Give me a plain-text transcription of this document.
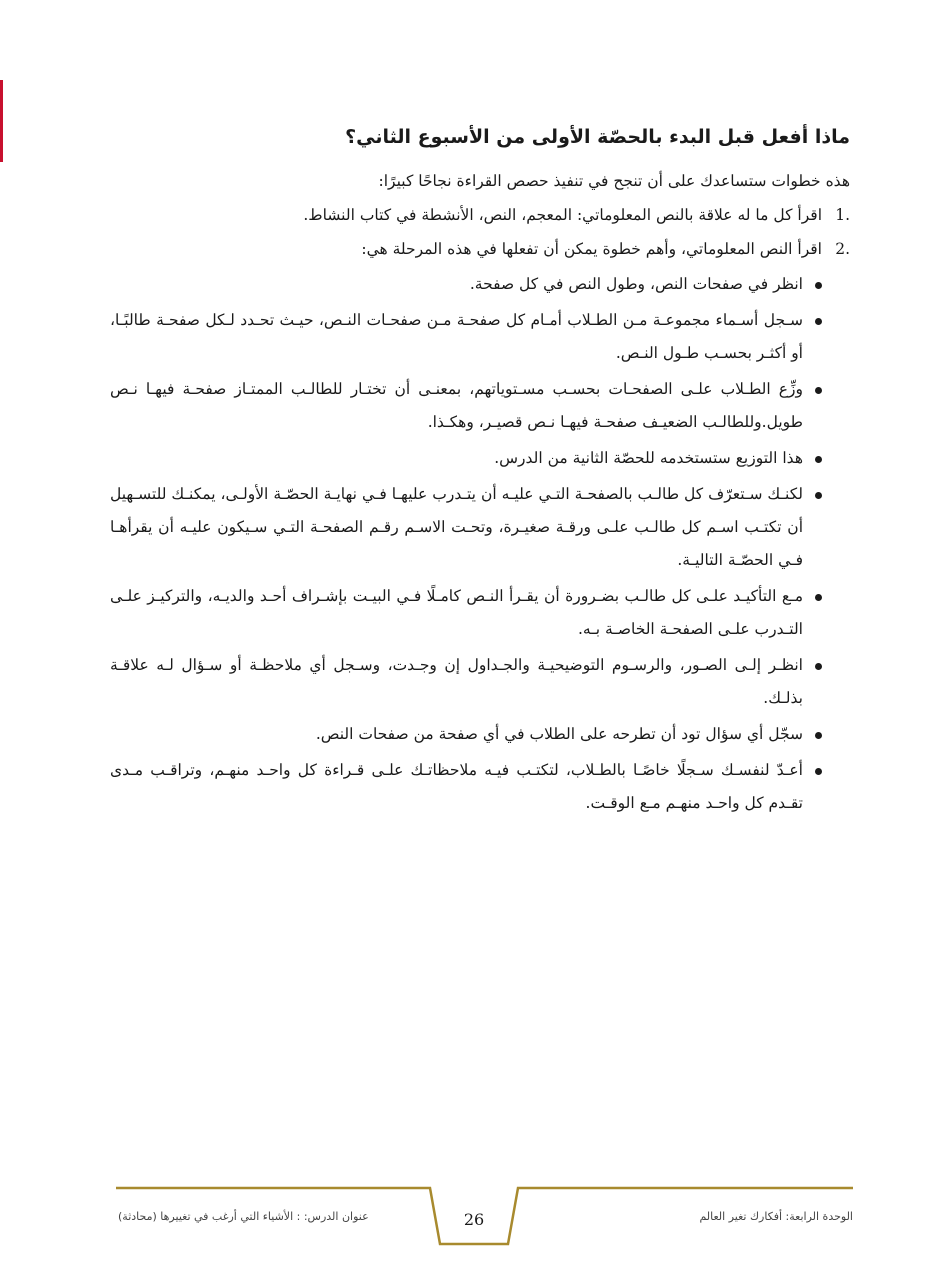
ماذا أفعل قبل البدء بالحصّة الأولى من الأسبوع الثاني؟

هذه خطوات ستساعدك على أن تنجح في تنفيذ حصص القراءة نجاحًا كبيرًا:

.1
اقرأ كل ما له علاقة بالنص المعلوماتي: المعجم، النص، الأنشطة في كتاب النشاط.
.2
اقرأ النص المعلوماتي، وأهم خطوة يمكن أن تفعلها في هذه المرحلة هي:
انظر في صفحات النص، وطول النص في كل صفحة.
سـجل أسـماء مجموعـة مـن الطـلاب أمـام كل صفحـة مـن صفحـات النـص، حيـث تحـدد لـكل صفحـة طالبًـا، أو أكثـر بحسـب طـول النـص.
وزِّع الطـلاب علـى الصفحـات بحسـب مسـتوياتهم، بمعنـى أن تختـار للطالـب الممتـاز صفحـة فيهـا نـص طويل.وللطالـب الضعيـف صفحـة فيهـا نـص قصيـر، وهكـذا.
هذا التوزيع ستستخدمه للحصّة الثانية من الدرس.
لكنـك سـتعرّف كل طالـب بالصفحـة التـي عليـه أن يتـدرب عليهـا فـي نهايـة الحصّـة الأولـى، يمكنـك للتسـهيل أن تكتـب اسـم كل طالـب علـى ورقـة صغيـرة، وتحـت الاسـم رقـم الصفحـة التـي سـيكون عليـه أن يقرأهـا فـي الحصّـة التاليـة.
مـع التأكيـد علـى كل طالـب بضـرورة أن يقـرأ النـص كامـلًا فـي البيـت بإشـراف أحـد والديـه، والتركيـز علـى التـدرب علـى الصفحـة الخاصـة بـه.
انظـر إلـى الصـور، والرسـوم التوضيحيـة والجـداول إن وجـدت، وسـجل أي ملاحظـة أو سـؤال لـه علاقـة بذلـك.
سجّل أي سؤال تود أن تطرحه على الطلاب في أي صفحة من صفحات النص.
أعـدّ لنفسـك سـجلًا خاصًـا بالطـلاب، لتكتـب فيـه ملاحظاتـك علـى قـراءة كل واحـد منهـم، وتراقـب مـدى تقـدم كل واحـد منهـم مـع الوقـت.
عنوان الدرس: : الأشياء التي أرغب في تغييرها (محادثة)	26	الوحدة الرابعة: أفكارك تغير العالم
